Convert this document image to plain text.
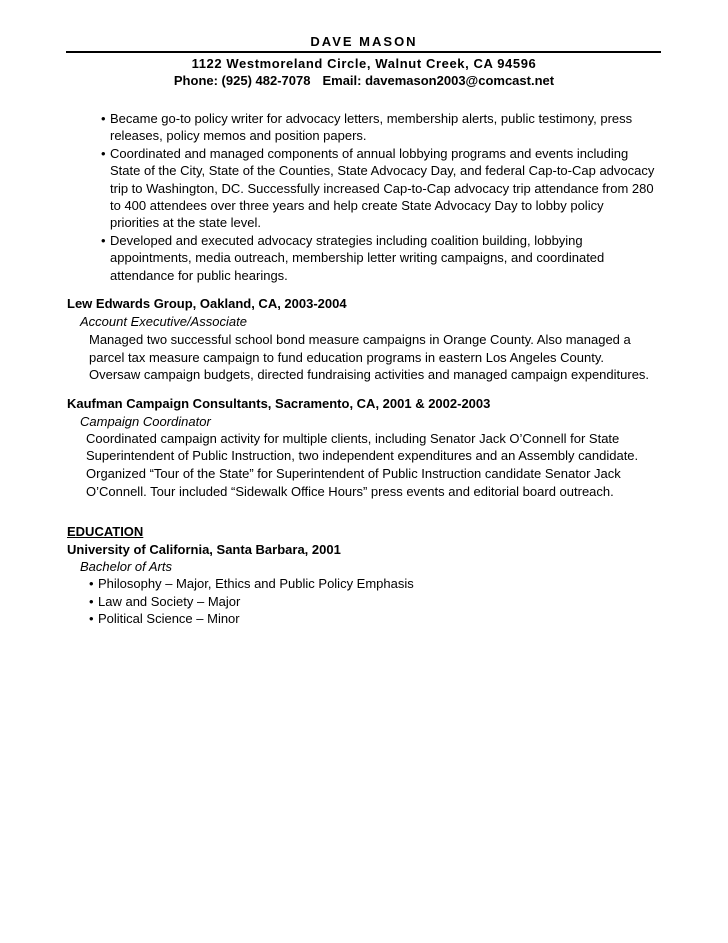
DAVE MASON
1122 Westmoreland Circle, Walnut Creek, CA 94596
Phone: (925) 482-7078 Email: davemason2003@comcast.net
• Became go-to policy writer for advocacy letters, membership alerts, public testimony, press
releases, policy memos and position papers.
• Coordinated and managed components of annual lobbying programs and events including
State of the City, State of the Counties, State Advocacy Day, and federal Cap-to-Cap advocacy
trip to Washington, DC. Successfully increased Cap-to-Cap advocacy trip attendance from 280
to 400 attendees over three years and help create State Advocacy Day to lobby policy
priorities at the state level.
• Developed and executed advocacy strategies including coalition building, lobbying
appointments, media outreach, membership letter writing campaigns, and coordinated
attendance for public hearings.
Lew Edwards Group, Oakland, CA, 2003-2004
Account Executive/Associate
Managed two successful school bond measure campaigns in Orange County. Also managed a
parcel tax measure campaign to fund education programs in eastern Los Angeles County.
Oversaw campaign budgets, directed fundraising activities and managed campaign expenditures.
Kaufman Campaign Consultants, Sacramento, CA, 2001 & 2002-2003
Campaign Coordinator
Coordinated campaign activity for multiple clients, including Senator Jack O’Connell for State
Superintendent of Public Instruction, two independent expenditures and an Assembly candidate.
Organized “Tour of the State” for Superintendent of Public Instruction candidate Senator Jack
O’Connell. Tour included “Sidewalk Office Hours” press events and editorial board outreach.
EDUCATION
University of California, Santa Barbara, 2001
Bachelor of Arts
• Philosophy – Major, Ethics and Public Policy Emphasis
• Law and Society – Major
• Political Science – Minor
